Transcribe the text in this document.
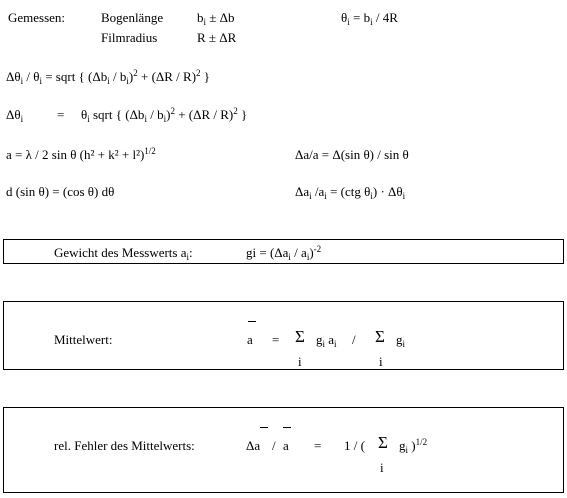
Gemessen:	Bogenlänge	$b_i \pm \Delta b$	$\theta_i = b_i / 4R$
Filmradius	R ± ΔR
$\Delta\theta_i / \theta_i$ = sqrt { $(\Delta b_i / b_i)^2 + (\Delta R / R)^2$ }
$\Delta\theta_i$	= $\theta_i$ sqrt { $(\Delta b_i / b_i)^2 + (\Delta R / R)^2$ }
a = λ / 2 sin θ $(h^2 + k^2 + l^2)^{1/2}$	Δa/a = Δ(sin θ) / sin θ
d (sin θ) = (cos θ) dθ	$\Delta a_i$ $/a_i = (ctg$ $\theta_i) \cdot \Delta\theta_i$
Gewicht des Messwerts $a_i$:	gi = $(\Delta a_i / a_i)^{-2}$
Mittelwert:	a = Σ $g_i$ $a_i$ / Σ $g_i$
i	i
rel. Fehler des Mittelwerts:	Δa / a = 1 / ( Σ $g_i$ )$^{1/2}$
i
